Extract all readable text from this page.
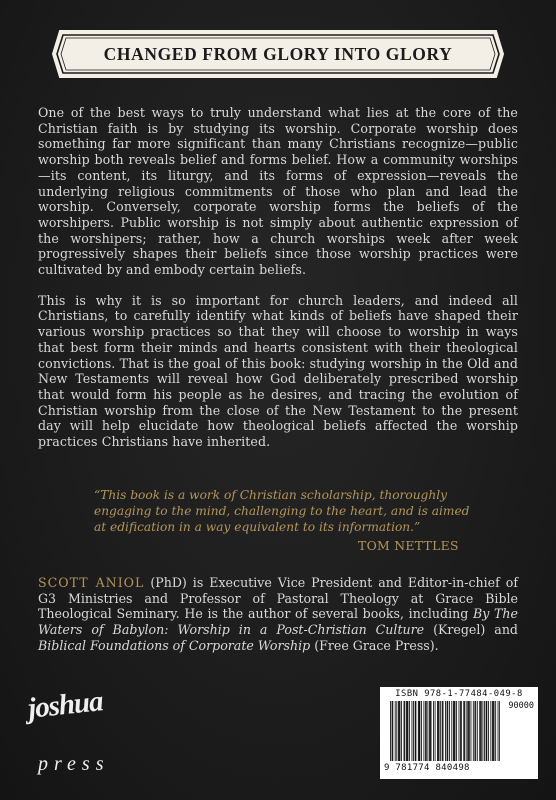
CHANGED FROM GLORY INTO GLORY

One of the best ways to truly understand what lies at the core of the Christian faith is by studying its worship. Corporate worship does something far more significant than many Christians recognize—public worship both reveals belief and forms belief. How a community worships—its content, its liturgy, and its forms of expression—reveals the underlying religious commitments of those who plan and lead the worship. Conversely, corporate worship forms the beliefs of the worshipers. Public worship is not simply about authentic expression of the worshipers; rather, how a church worships week after week progressively shapes their beliefs since those worship practices were cultivated by and embody certain beliefs.

This is why it is so important for church leaders, and indeed all Christians, to carefully identify what kinds of beliefs have shaped their various worship practices so that they will choose to worship in ways that best form their minds and hearts consistent with their theological convictions. That is the goal of this book: studying worship in the Old and New Testaments will reveal how God deliberately prescribed worship that would form his people as he desires, and tracing the evolution of Christian worship from the close of the New Testament to the present day will help elucidate how theological beliefs affected the worship practices Christians have inherited.

“This book is a work of Christian scholarship, thoroughly engaging to the mind, challenging to the heart, and is aimed at edification in a way equivalent to its information.”
TOM NETTLES
SCOTT ANIOL (PhD) is Executive Vice President and Editor-in-chief of G3 Ministries and Professor of Pastoral Theology at Grace Bible Theological Seminary. He is the author of several books, including By The Waters of Babylon: Worship in a Post-Christian Culture (Kregel) and Biblical Foundations of Corporate Worship (Free Grace Press).
joshua
press
ISBN 978-1-77484-049-8
90000
9 781774 840498
